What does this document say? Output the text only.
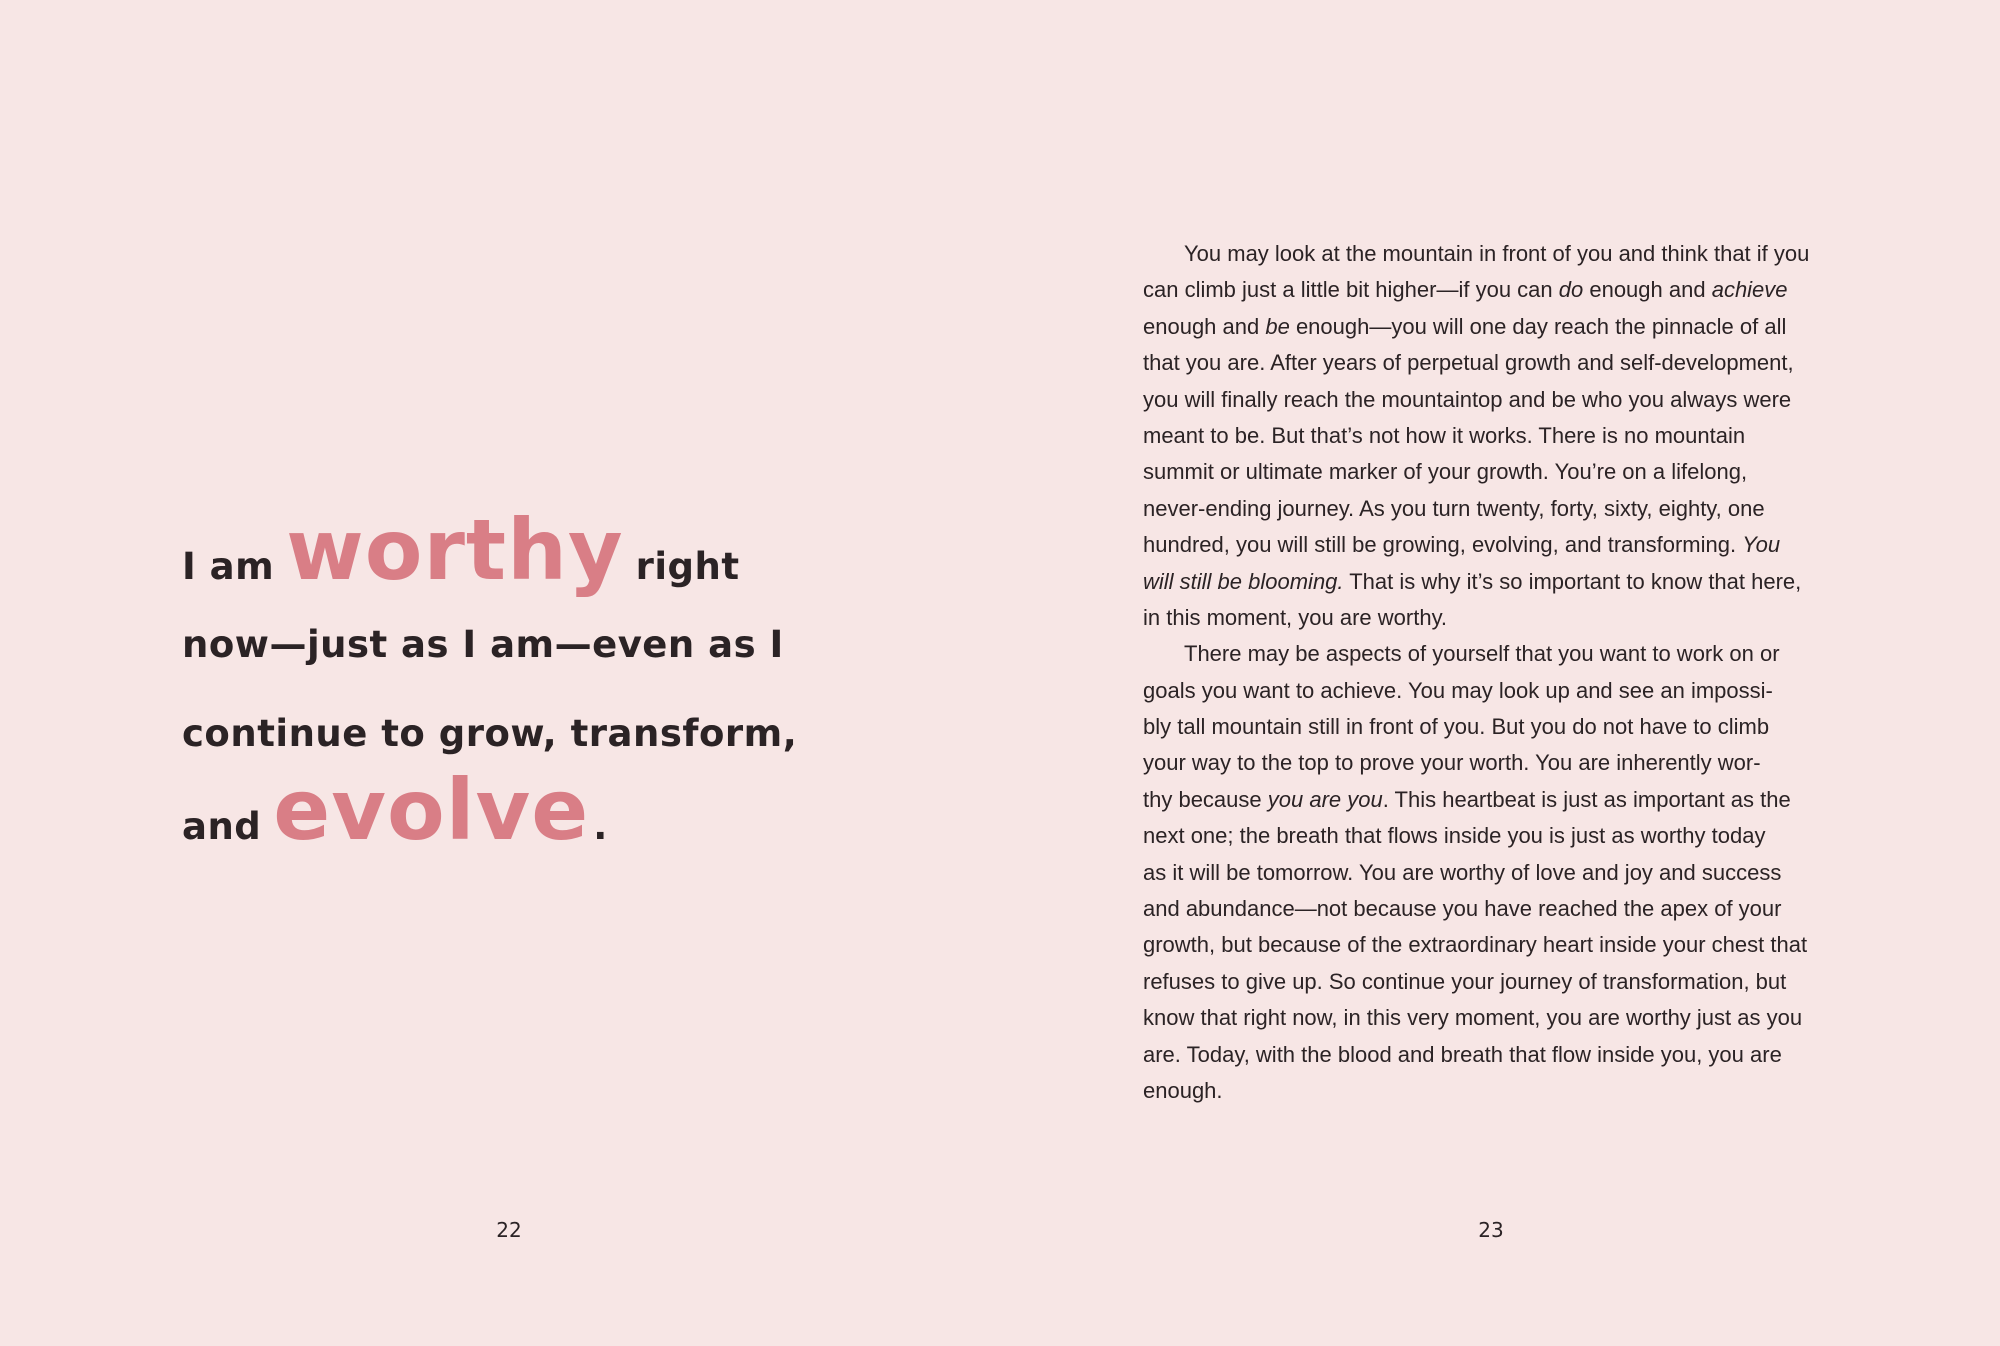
I am worthy right
now—just as I am—even as I
continue to grow, transform,
and evolve .
22
You may look at the mountain in front of you and think that if you
can climb just a little bit higher—if you can do enough and achieve
enough and be enough—you will one day reach the pinnacle of all
that you are. After years of perpetual growth and self-development,
you will finally reach the mountaintop and be who you always were
meant to be. But that’s not how it works. There is no mountain
summit or ultimate marker of your growth. You’re on a lifelong,
never-ending journey. As you turn twenty, forty, sixty, eighty, one
hundred, you will still be growing, evolving, and transforming. You
will still be blooming. That is why it’s so important to know that here,
in this moment, you are worthy.
There may be aspects of yourself that you want to work on or
goals you want to achieve. You may look up and see an impossi-
bly tall mountain still in front of you. But you do not have to climb
your way to the top to prove your worth. You are inherently wor-
thy because you are you. This heartbeat is just as important as the
next one; the breath that flows inside you is just as worthy today
as it will be tomorrow. You are worthy of love and joy and success
and abundance—not because you have reached the apex of your
growth, but because of the extraordinary heart inside your chest that
refuses to give up. So continue your journey of transformation, but
know that right now, in this very moment, you are worthy just as you
are. Today, with the blood and breath that flow inside you, you are
enough.
23
